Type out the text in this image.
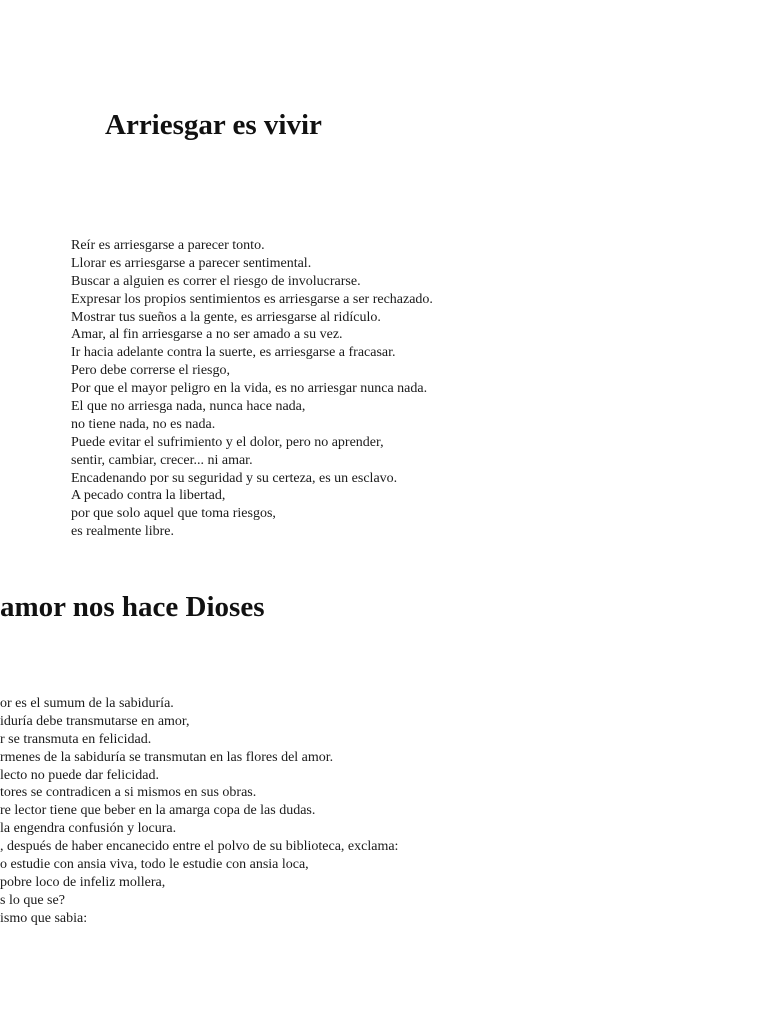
Arriesgar es vivir
Reír es arriesgarse a parecer tonto.
Llorar es arriesgarse a parecer sentimental.
Buscar a alguien es correr el riesgo de involucrarse.
Expresar los propios sentimientos es arriesgarse a ser rechazado.
Mostrar tus sueños a la gente, es arriesgarse al ridículo.
Amar, al fin arriesgarse a no ser amado a su vez.
Ir hacia adelante contra la suerte, es arriesgarse a fracasar.
Pero debe correrse el riesgo,
Por que el mayor peligro en la vida, es no arriesgar nunca nada.
El que no arriesga nada, nunca hace nada,
no tiene nada, no es nada.
Puede evitar el sufrimiento y el dolor, pero no aprender,
sentir, cambiar, crecer... ni amar.
Encadenando por su seguridad y su certeza, es un esclavo.
A pecado contra la libertad,
por que solo aquel que toma riesgos,
es realmente libre.
amor nos hace Dioses
or es el sumum de la sabiduría.
iduría debe transmutarse en amor,
r se transmuta en felicidad.
rmenes de la sabiduría se transmutan en las flores del amor.
lecto no puede dar felicidad.
tores se contradicen a si mismos en sus obras.
re lector tiene que beber en la amarga copa de las dudas.
la engendra confusión y locura.
, después de haber encanecido entre el polvo de su biblioteca, exclama:
o estudie con ansia viva, todo le estudie con ansia loca,
pobre loco de infeliz mollera,
s lo que se?
ismo que sabia:
